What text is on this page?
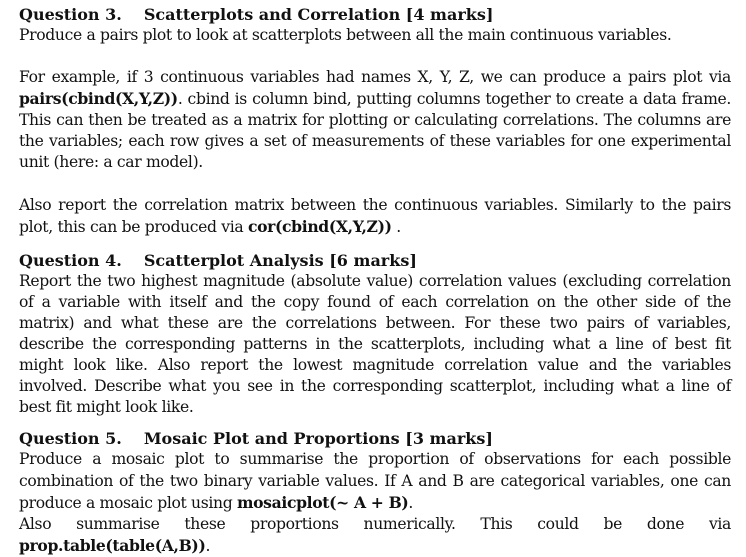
Question 3. Scatterplots and Correlation [4 marks]

Produce a pairs plot to look at scatterplots between all the main continuous variables.

For example, if 3 continuous variables had names X, Y, Z, we can produce a pairs plot via pairs(cbind(X,Y,Z)). cbind is column bind, putting columns together to create a data frame. This can then be treated as a matrix for plotting or calculating correlations. The columns are the variables; each row gives a set of measurements of these variables for one experimental unit (here: a car model).

Also report the correlation matrix between the continuous variables. Similarly to the pairs plot, this can be produced via cor(cbind(X,Y,Z)) .

Question 4. Scatterplot Analysis [6 marks]

Report the two highest magnitude (absolute value) correlation values (excluding correlation of a variable with itself and the copy found of each correlation on the other side of the matrix) and what these are the correlations between. For these two pairs of variables, describe the corresponding patterns in the scatterplots, including what a line of best fit might look like. Also report the lowest magnitude correlation value and the variables involved. Describe what you see in the corresponding scatterplot, including what a line of best fit might look like.

Question 5. Mosaic Plot and Proportions [3 marks]

Produce a mosaic plot to summarise the proportion of observations for each possible combination of the two binary variable values. If A and B are categorical variables, one can produce a mosaic plot using mosaicplot(~ A + B).

Also summarise these proportions numerically. This could be done via prop.table(table(A,B)).
